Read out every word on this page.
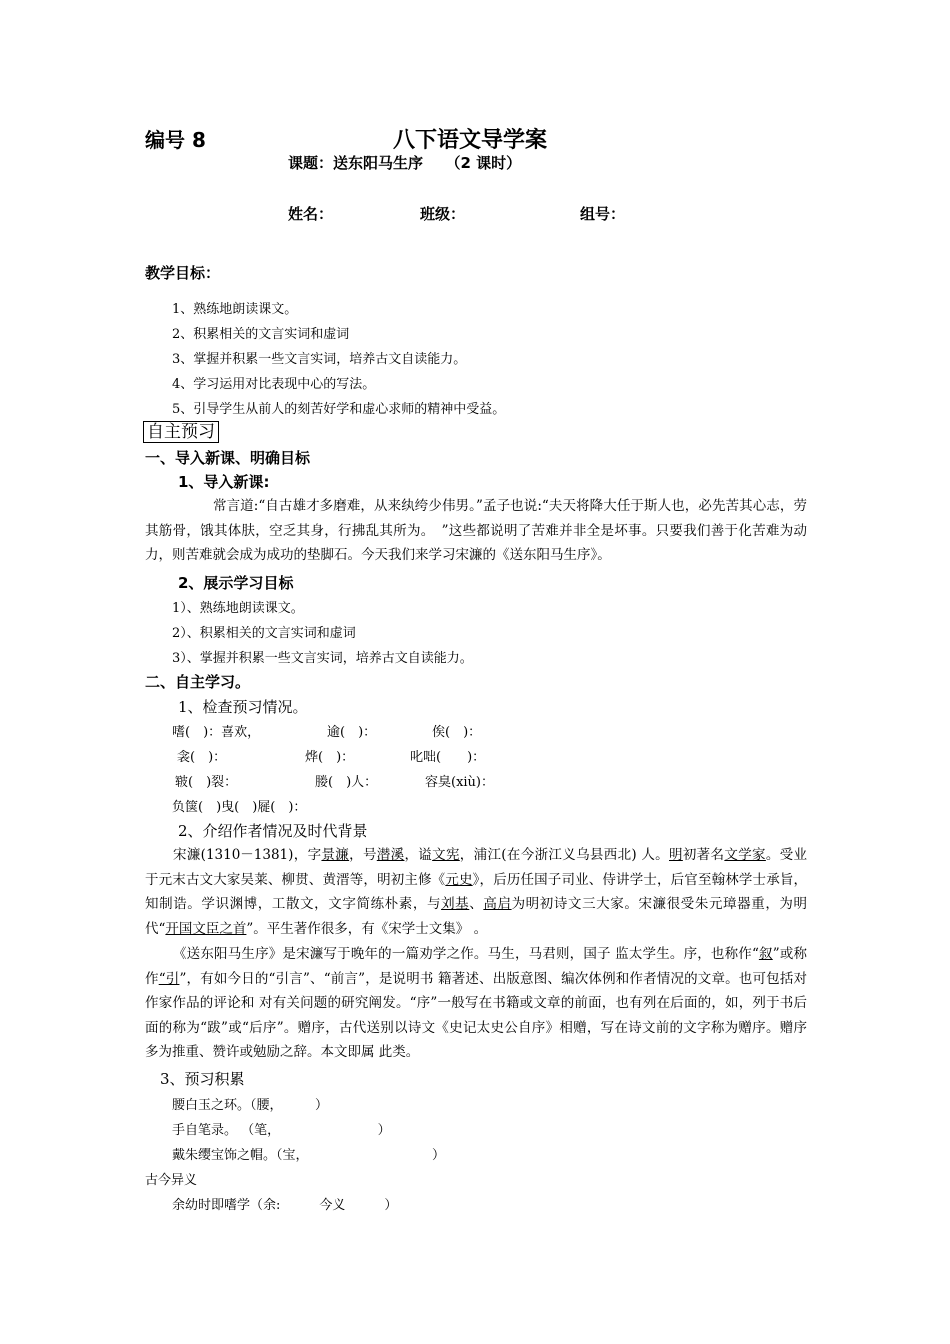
编号 8	八下语文导学案
课题：送东阳马生序　　（2 课时）
姓名：	班级：	组号：
教学目标：
1、熟练地朗读课文。
2、积累相关的文言实词和虚词
3、掌握并积累一些文言实词，培养古文自读能力。
4、学习运用对比表现中心的写法。
5、引导学生从前人的刻苦好学和虚心求师的精神中受益。
自主预习
一、导入新课、明确目标
1、导入新课:
常言道:“自古雄才多磨难，从来纨绔少伟男。”孟子也说:“夫天将降大任于斯人也，必先苦其心志，劳其筋骨，饿其体肤，空乏其身，行拂乱其所为。　”这些都说明了苦难并非全是坏事。只要我们善于化苦难为动力，则苦难就会成为成功的垫脚石。今天我们来学习宋濂的《送东阳马生序》。
2、展示学习目标
1）、熟练地朗读课文。
2）、积累相关的文言实词和虚词
3）、掌握并积累一些文言实词，培养古文自读能力。
二、自主学习。
1、检查预习情况。
嗜(　)：喜欢，	逾(　)：	俟(　)：
衾(　)：	烨(　)：	叱咄(　　)：
皲(　)裂：	媵(　)人：	容臭(xiù)：
负箧(　)曳(　)屣(　)：
2、介绍作者情况及时代背景
宋濂(1310－1381)，字景濂，号潜溪，谥文宪，浦江(在今浙江义乌县西北) 人。明初著名文学家。受业于元末古文大家吴莱、柳贯、黄溍等，明初主修《元史》，后历任国子司业、侍讲学士，后官至翰林学士承旨，知制诰。学识渊博，工散文，文字简练朴素，与刘基、高启为明初诗文三大家。宋濂很受朱元璋器重，为明代“开国文臣之首”。平生著作很多，有《宋学士文集》 。
《送东阳马生序》是宋濂写于晚年的一篇劝学之作。马生，马君则，国子 监太学生。序，也称作“叙”或称作“引”，有如今日的“引言”、“前言”，是说明书 籍著述、出版意图、编次体例和作者情况的文章。也可包括对作家作品的评论和 对有关问题的研究阐发。“序”一般写在书籍或文章的前面，也有列在后面的，如，列于书后面的称为“跋”或“后序”。赠序，古代送别以诗文《史记太史公自序》相赠，写在诗文前的文字称为赠序。赠序多为推重、赞许或勉励之辞。本文即属 此类。
3、预习积累
腰白玉之环。（腰，　　　）
手自笔录。 （笔，　　　　　　　　）
戴朱缨宝饰之帽。（宝，　　　　　　　　　　）
古今异义
余幼时即嗜学（余:　　　今义　　　）
